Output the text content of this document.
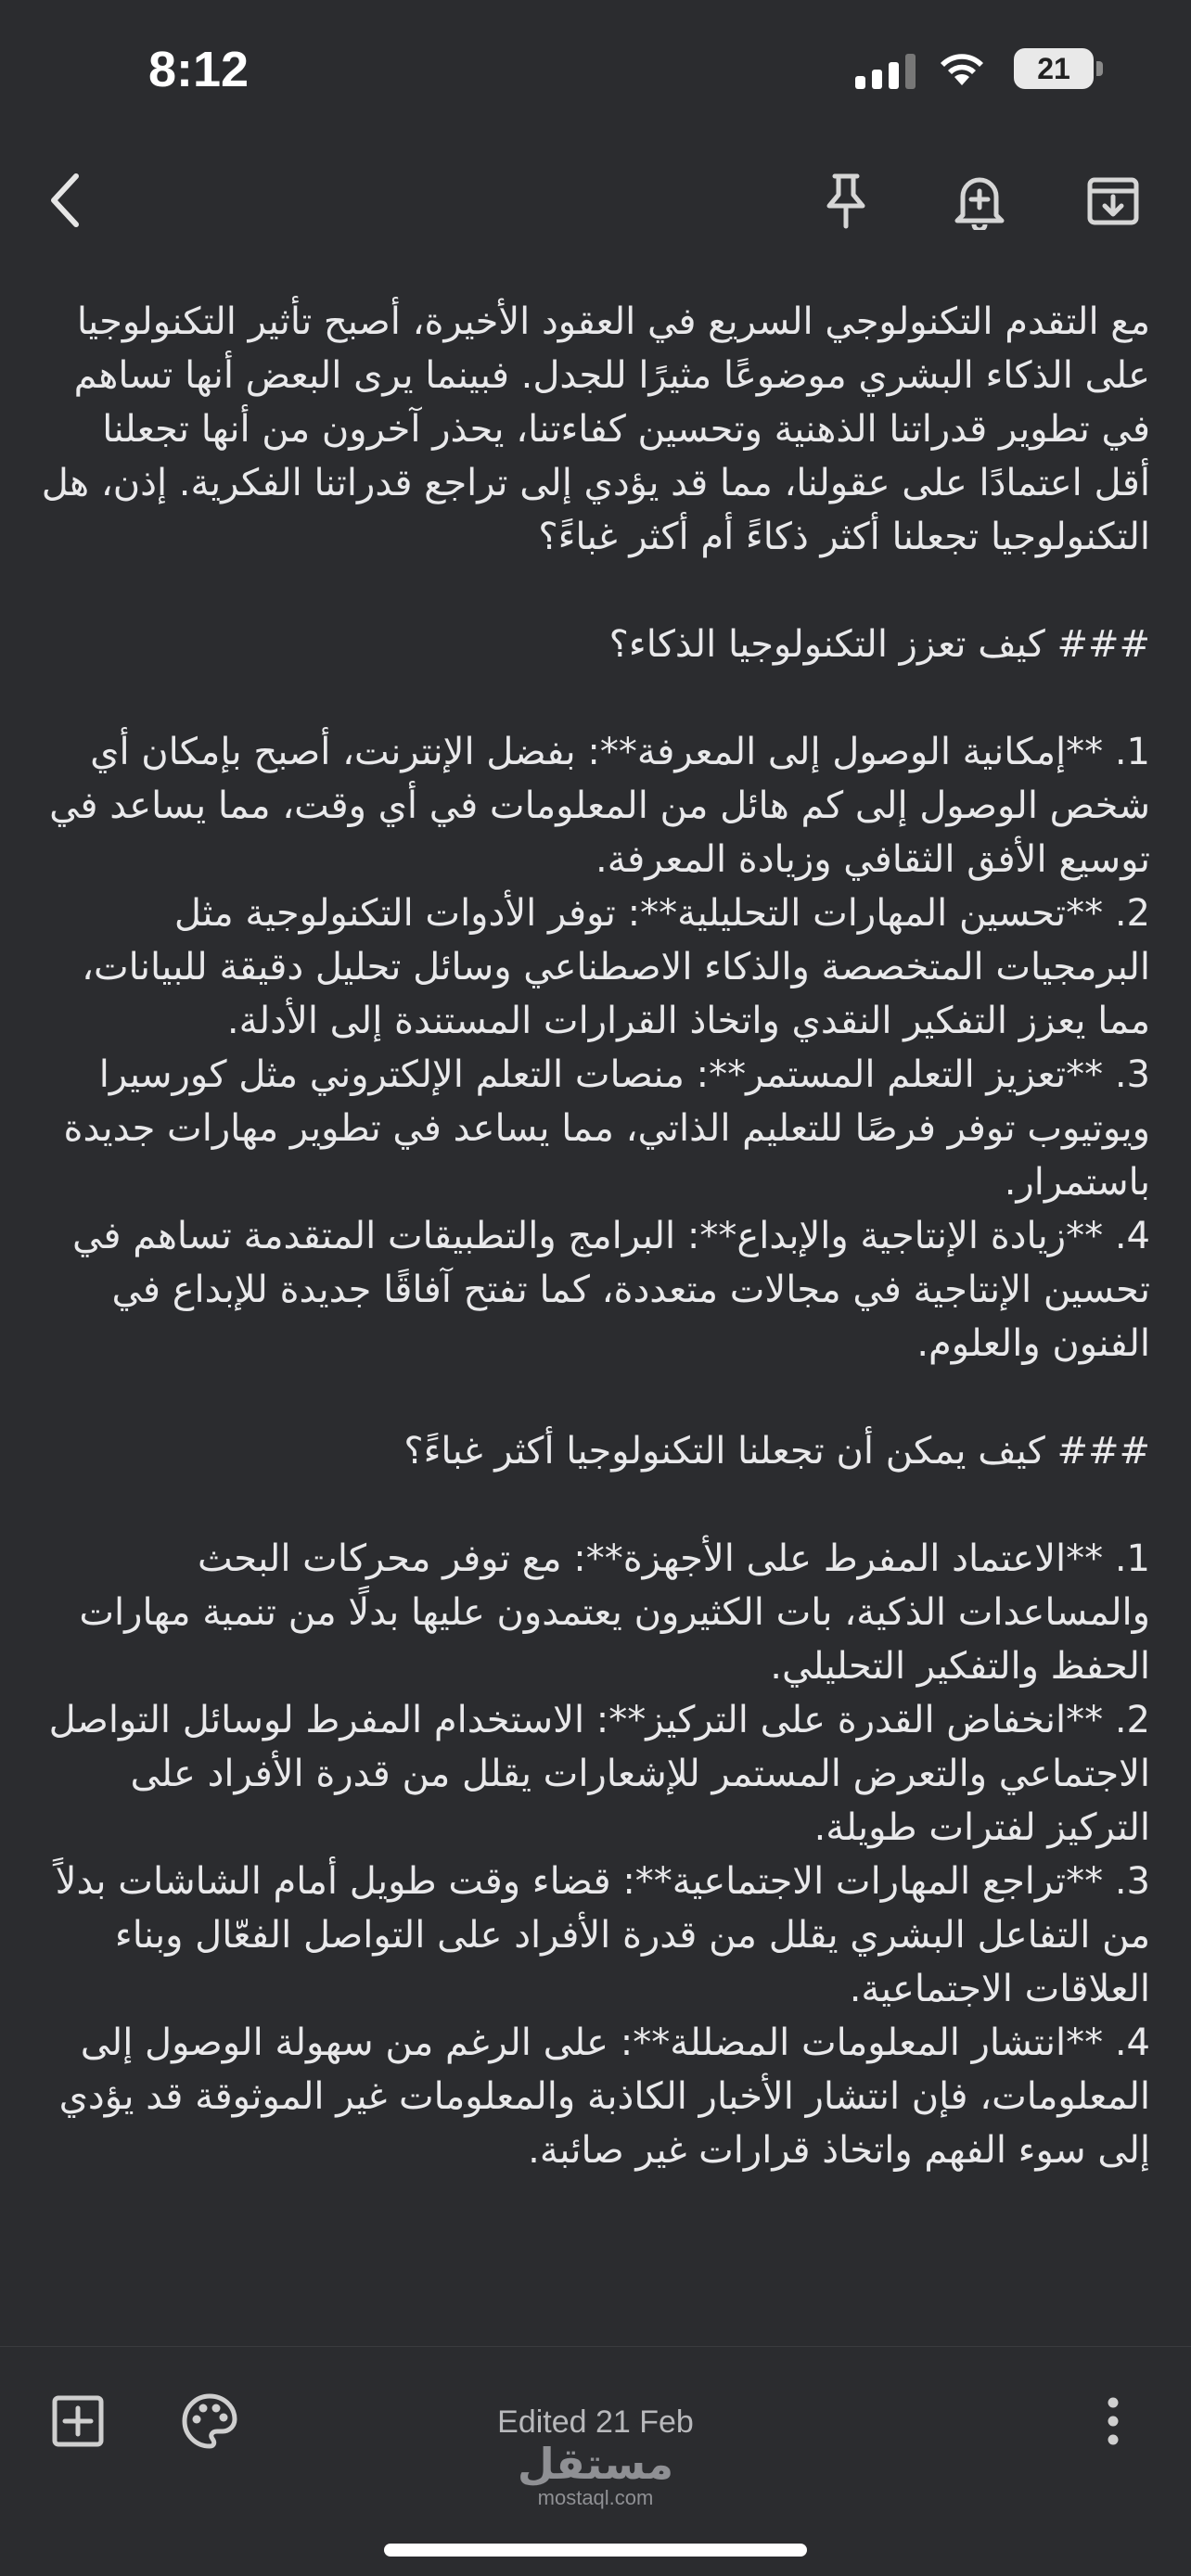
8:12	21

مع التقدم التكنولوجي السريع في العقود الأخيرة، أصبح تأثير التكنولوجيا على الذكاء البشري موضوعًا مثيرًا للجدل. فبينما يرى البعض أنها تساهم في تطوير قدراتنا الذهنية وتحسين كفاءتنا، يحذر آخرون من أنها تجعلنا أقل اعتمادًا على عقولنا، مما قد يؤدي إلى تراجع قدراتنا الفكرية. إذن، هل التكنولوجيا تجعلنا أكثر ذكاءً أم أكثر غباءً؟

### كيف تعزز التكنولوجيا الذكاء؟

1. **إمكانية الوصول إلى المعرفة**: بفضل الإنترنت، أصبح بإمكان أي شخص الوصول إلى كم هائل من المعلومات في أي وقت، مما يساعد في توسيع الأفق الثقافي وزيادة المعرفة.

2. **تحسين المهارات التحليلية**: توفر الأدوات التكنولوجية مثل البرمجيات المتخصصة والذكاء الاصطناعي وسائل تحليل دقيقة للبيانات، مما يعزز التفكير النقدي واتخاذ القرارات المستندة إلى الأدلة.

3. **تعزيز التعلم المستمر**: منصات التعلم الإلكتروني مثل كورسيرا ويوتيوب توفر فرصًا للتعليم الذاتي، مما يساعد في تطوير مهارات جديدة باستمرار.

4. **زيادة الإنتاجية والإبداع**: البرامج والتطبيقات المتقدمة تساهم في تحسين الإنتاجية في مجالات متعددة، كما تفتح آفاقًا جديدة للإبداع في الفنون والعلوم.

### كيف يمكن أن تجعلنا التكنولوجيا أكثر غباءً؟

1. **الاعتماد المفرط على الأجهزة**: مع توفر محركات البحث والمساعدات الذكية، بات الكثيرون يعتمدون عليها بدلًا من تنمية مهارات الحفظ والتفكير التحليلي.

2. **انخفاض القدرة على التركيز**: الاستخدام المفرط لوسائل التواصل الاجتماعي والتعرض المستمر للإشعارات يقلل من قدرة الأفراد على التركيز لفترات طويلة.

3. **تراجع المهارات الاجتماعية**: قضاء وقت طويل أمام الشاشات بدلاً من التفاعل البشري يقلل من قدرة الأفراد على التواصل الفعّال وبناء العلاقات الاجتماعية.

4. **انتشار المعلومات المضللة**: على الرغم من سهولة الوصول إلى المعلومات، فإن انتشار الأخبار الكاذبة والمعلومات غير الموثوقة قد يؤدي إلى سوء الفهم واتخاذ قرارات غير صائبة.

Edited 21 Feb
مستقل
mostaql.com
